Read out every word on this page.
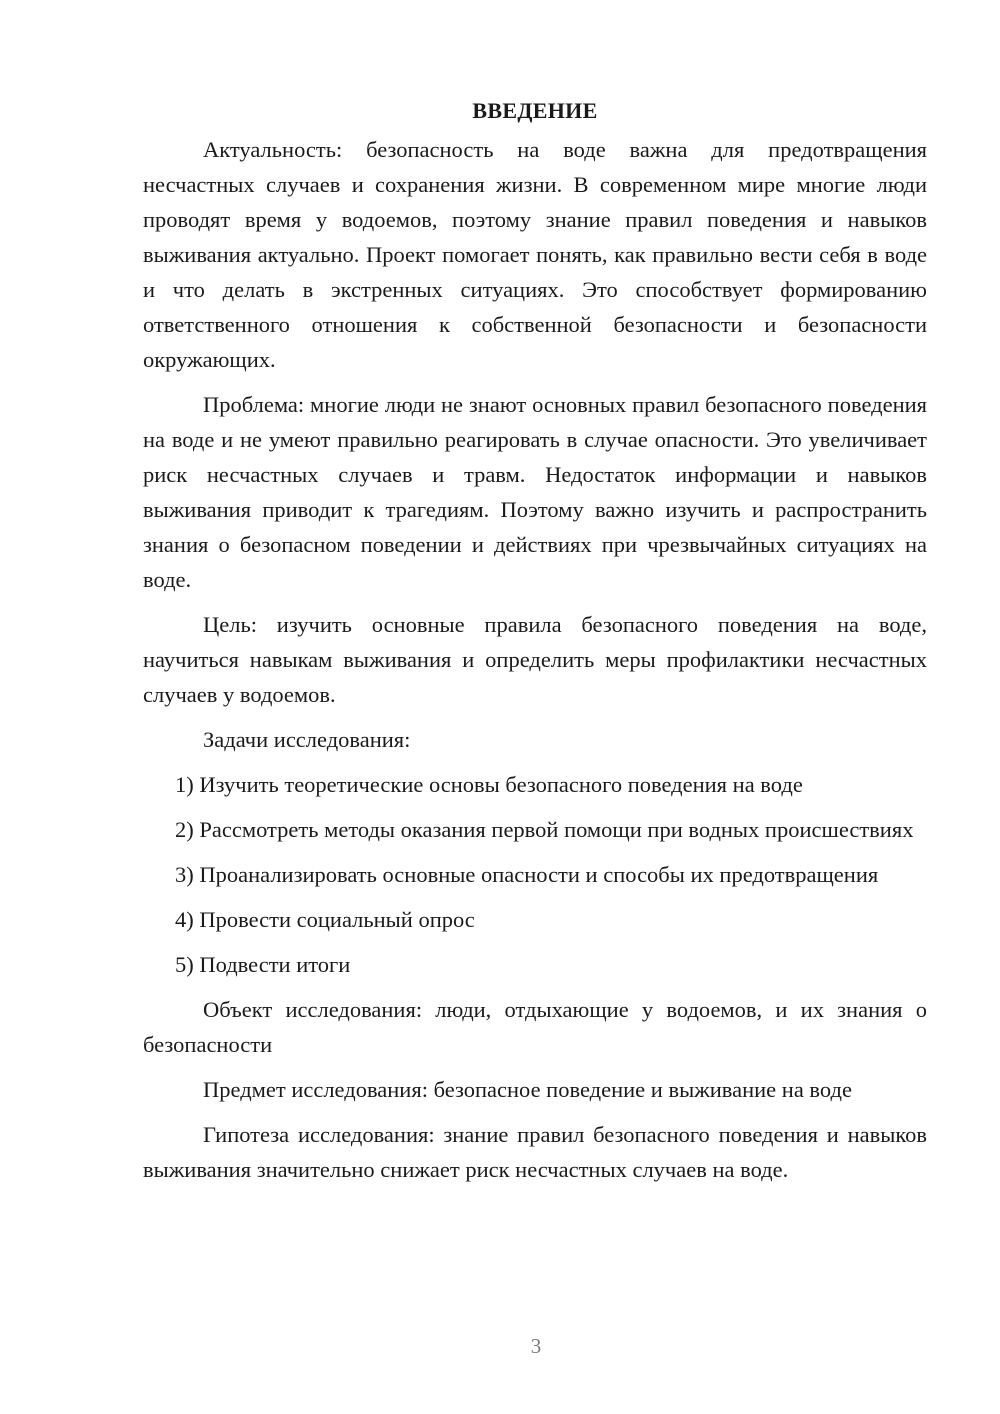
ВВЕДЕНИЕ

Актуальность: безопасность на воде важна для предотвращения несчастных случаев и сохранения жизни. В современном мире многие люди проводят время у водоемов, поэтому знание правил поведения и навыков выживания актуально. Проект помогает понять, как правильно вести себя в воде и что делать в экстренных ситуациях. Это способствует формированию ответственного отношения к собственной безопасности и безопасности окружающих.

Проблема: многие люди не знают основных правил безопасного поведения на воде и не умеют правильно реагировать в случае опасности. Это увеличивает риск несчастных случаев и травм. Недостаток информации и навыков выживания приводит к трагедиям. Поэтому важно изучить и распространить знания о безопасном поведении и действиях при чрезвычайных ситуациях на воде.

Цель: изучить основные правила безопасного поведения на воде, научиться навыкам выживания и определить меры профилактики несчастных случаев у водоемов.

Задачи исследования:

1) Изучить теоретические основы безопасного поведения на воде

2) Рассмотреть методы оказания первой помощи при водных происшествиях

3) Проанализировать основные опасности и способы их предотвращения

4) Провести социальный опрос

5) Подвести итоги

Объект исследования: люди, отдыхающие у водоемов, и их знания о безопасности

Предмет исследования: безопасное поведение и выживание на воде

Гипотеза исследования: знание правил безопасного поведения и навыков выживания значительно снижает риск несчастных случаев на воде.

3
